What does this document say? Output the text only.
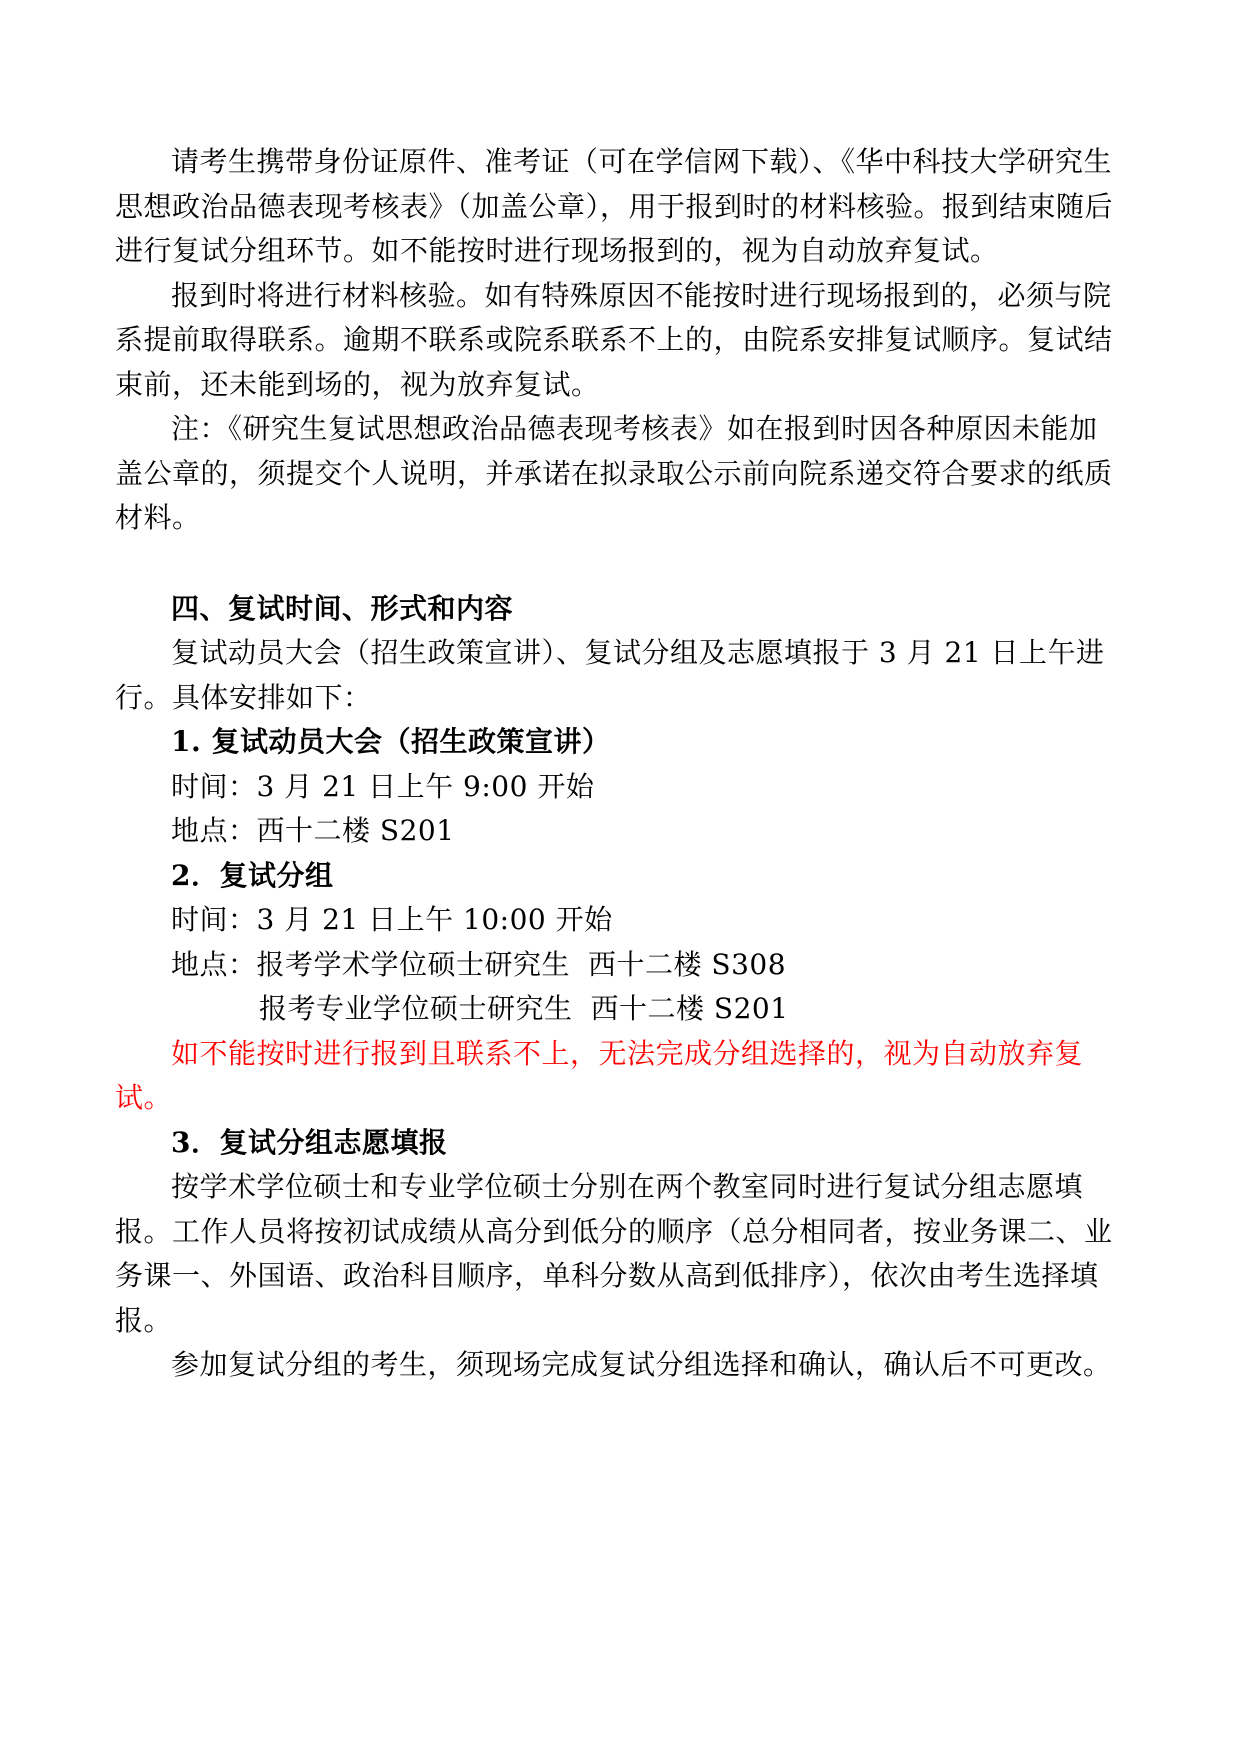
请考生携带身份证原件、准考证（可在学信网下载）、《华中科技大学研究生
思想政治品德表现考核表》（加盖公章），用于报到时的材料核验。报到结束随后
进行复试分组环节。如不能按时进行现场报到的，视为自动放弃复试。
报到时将进行材料核验。如有特殊原因不能按时进行现场报到的，必须与院
系提前取得联系。逾期不联系或院系联系不上的，由院系安排复试顺序。复试结
束前，还未能到场的，视为放弃复试。
注：《研究生复试思想政治品德表现考核表》如在报到时因各种原因未能加
盖公章的，须提交个人说明，并承诺在拟录取公示前向院系递交符合要求的纸质
材料。
四、复试时间、形式和内容
复试动员大会（招生政策宣讲）、复试分组及志愿填报于 3 月 21 日上午进
行。具体安排如下：
1. 复试动员大会（招生政策宣讲）
时间：3 月 21 日上午 9:00 开始
地点：西十二楼 S201
2．复试分组
时间：3 月 21 日上午 10:00 开始
地点：报考学术学位硕士研究生 西十二楼 S308
报考专业学位硕士研究生 西十二楼 S201
如不能按时进行报到且联系不上，无法完成分组选择的，视为自动放弃复
试。
3．复试分组志愿填报
按学术学位硕士和专业学位硕士分别在两个教室同时进行复试分组志愿填
报。工作人员将按初试成绩从高分到低分的顺序（总分相同者，按业务课二、业
务课一、外国语、政治科目顺序，单科分数从高到低排序），依次由考生选择填
报。
参加复试分组的考生，须现场完成复试分组选择和确认，确认后不可更改。
